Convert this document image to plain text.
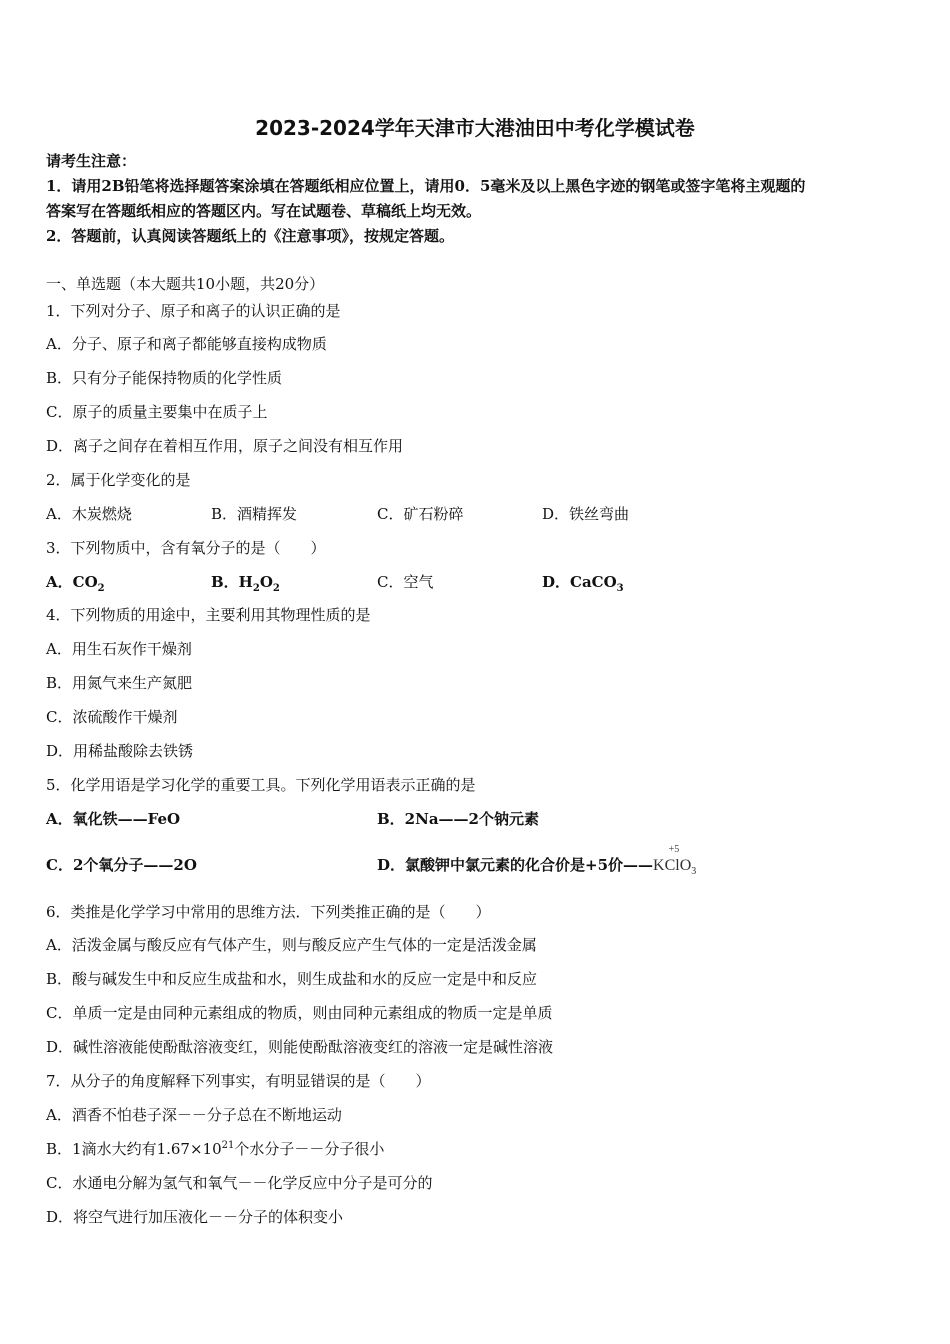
2023-2024学年天津市大港油田中考化学模试卷
请考生注意：
1．请用2B铅笔将选择题答案涂填在答题纸相应位置上，请用0．5毫米及以上黑色字迹的钢笔或签字笔将主观题的
答案写在答题纸相应的答题区内。写在试题卷、草稿纸上均无效。
2．答题前，认真阅读答题纸上的《注意事项》，按规定答题。
一、单选题（本大题共10小题，共20分）
1．下列对分子、原子和离子的认识正确的是
A．分子、原子和离子都能够直接构成物质
B．只有分子能保持物质的化学性质
C．原子的质量主要集中在质子上
D．离子之间存在着相互作用，原子之间没有相互作用
2．属于化学变化的是
A．木炭燃烧	B．酒精挥发	C．矿石粉碎	D．铁丝弯曲
3．下列物质中，含有氧分子的是（　　）
A．$CO_2$	B．$H_2O_2$	C．空气	D．CaCO$_3$
4．下列物质的用途中，主要利用其物理性质的是
A．用生石灰作干燥剂
B．用氮气来生产氮肥
C．浓硫酸作干燥剂
D．用稀盐酸除去铁锈
5．化学用语是学习化学的重要工具。下列化学用语表示正确的是
A．氧化铁——FeO	B．2Na——2个钠元素
C．2个氧分子——2O	D．氯酸钾中氯元素的化合价是+5价——K
+5
ClO$_3$
6．类推是化学学习中常用的思维方法．下列类推正确的是（　　）
A．活泼金属与酸反应有气体产生，则与酸反应产生气体的一定是活泼金属
B．酸与碱发生中和反应生成盐和水，则生成盐和水的反应一定是中和反应
C．单质一定是由同种元素组成的物质，则由同种元素组成的物质一定是单质
D．碱性溶液能使酚酞溶液变红，则能使酚酞溶液变红的溶液一定是碱性溶液
7．从分子的角度解释下列事实，有明显错误的是（　　）
A．酒香不怕巷子深－－分子总在不断地运动
B．1滴水大约有$1.67\times 10^{21}$个水分子－－分子很小
C．水通电分解为氢气和氧气－－化学反应中分子是可分的
D．将空气进行加压液化－－分子的体积变小
